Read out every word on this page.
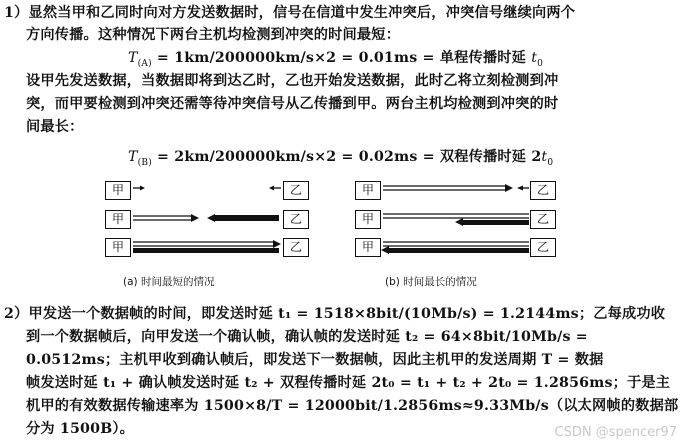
1）显然当甲和乙同时向对方发送数据时，信号在信道中发生冲突后，冲突信号继续向两个
方向传播。这种情况下两台主机均检测到冲突的时间最短：
$T_{(A)} = 1km/200000km/s\times 2 = 0.01ms$ = 单程传播时延 $t_0$
设甲先发送数据，当数据即将到达乙时，乙也开始发送数据，此时乙将立刻检测到冲
突，而甲要检测到冲突还需等待冲突信号从乙传播到甲。两台主机均检测到冲突的时
间最长：
$T_{(B)} = 2km/200000km/s\times 2 = 0.02ms$ = 双程传播时延 $2t_0$
甲	乙
甲	乙
甲	乙
(a) 时间最短的情况
甲	乙
甲	乙
甲	乙
(b) 时间最长的情况
2）甲发送一个数据帧的时间，即发送时延 t₁ = 1518×8bit/(10Mb/s) = 1.2144ms；乙每成功收
到一个数据帧后，向甲发送一个确认帧，确认帧的发送时延 t₂ = 64×8bit/10Mb/s =
0.0512ms；主机甲收到确认帧后，即发送下一数据帧，因此主机甲的发送周期 T = 数据
帧发送时延 t₁ + 确认帧发送时延 t₂ + 双程传播时延 2t₀ = t₁ + t₂ + 2t₀ = 1.2856ms；于是主
机甲的有效数据传输速率为 1500×8/T = 12000bit/1.2856ms≈9.33Mb/s（以太网帧的数据部
分为 1500B）。	CSDN @spencer97
